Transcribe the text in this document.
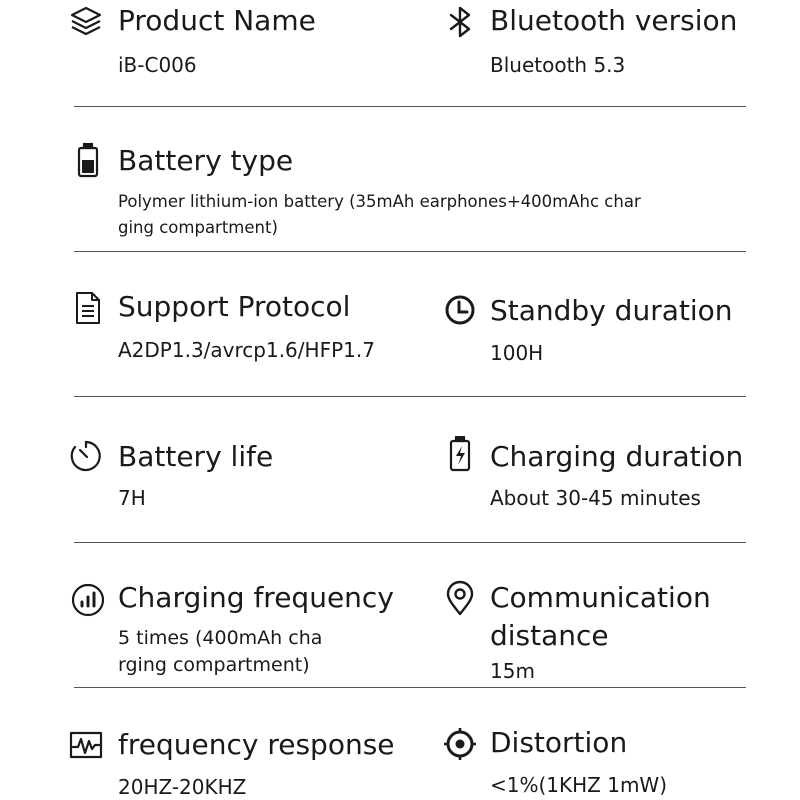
Product Name
iB-C006
Bluetooth version
Bluetooth 5.3
Battery type
Polymer lithium-ion battery (35mAh earphones+400mAhc char
ging compartment)
Support Protocol
A2DP1.3/avrcp1.6/HFP1.7
Standby duration
100H
Battery life
7H
Charging duration
About 30-45 minutes
Charging frequency
5 times (400mAh cha
rging compartment)
Communication distance
15m
frequency response
20HZ-20KHZ
Distortion
<1%(1KHZ 1mW)
